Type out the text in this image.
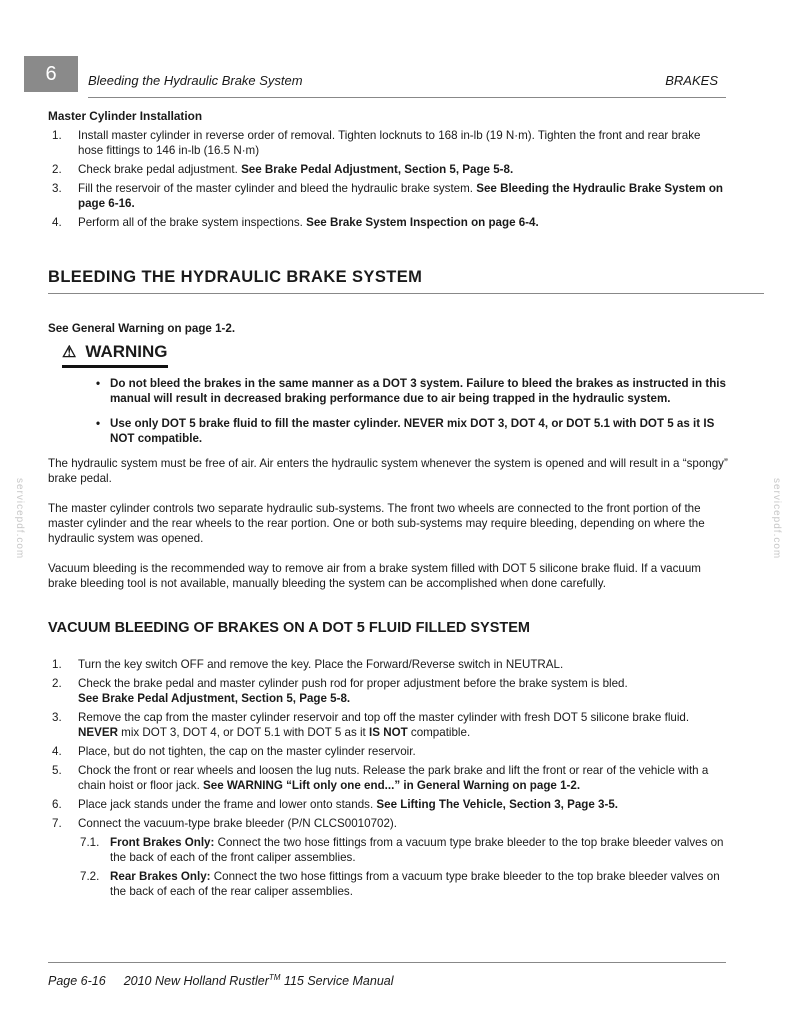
6	Bleeding the Hydraulic Brake System	BRAKES
servicepdf.com	servicepdf.com
Master Cylinder Installation
1. Install master cylinder in reverse order of removal. Tighten locknuts to 168 in-lb (19 N·m). Tighten the front and rear brake hose fittings to 146 in-lb (16.5 N·m)
2. Check brake pedal adjustment. See Brake Pedal Adjustment, Section 5, Page 5-8.
3. Fill the reservoir of the master cylinder and bleed the hydraulic brake system. See Bleeding the Hydraulic Brake System on page 6-16.
4. Perform all of the brake system inspections. See Brake System Inspection on page 6-4.
BLEEDING THE HYDRAULIC BRAKE SYSTEM
See General Warning on page 1-2.
⚠ WARNING
• Do not bleed the brakes in the same manner as a DOT 3 system. Failure to bleed the brakes as instructed in this manual will result in decreased braking performance due to air being trapped in the hydraulic system.
• Use only DOT 5 brake fluid to fill the master cylinder. NEVER mix DOT 3, DOT 4, or DOT 5.1 with DOT 5 as it IS NOT compatible.

The hydraulic system must be free of air. Air enters the hydraulic system whenever the system is opened and will result in a “spongy” brake pedal.

The master cylinder controls two separate hydraulic sub-systems. The front two wheels are connected to the front portion of the master cylinder and the rear wheels to the rear portion. One or both sub-systems may require bleeding, depending on where the hydraulic system was opened.

Vacuum bleeding is the recommended way to remove air from a brake system filled with DOT 5 silicone brake fluid. If a vacuum brake bleeding tool is not available, manually bleeding the system can be accomplished when done carefully.

VACUUM BLEEDING OF BRAKES ON A DOT 5 FLUID FILLED SYSTEM
1. Turn the key switch OFF and remove the key. Place the Forward/Reverse switch in NEUTRAL.
2. Check the brake pedal and master cylinder push rod for proper adjustment before the brake system is bled.
See Brake Pedal Adjustment, Section 5, Page 5-8.
3. Remove the cap from the master cylinder reservoir and top off the master cylinder with fresh DOT 5 silicone brake fluid. NEVER mix DOT 3, DOT 4, or DOT 5.1 with DOT 5 as it IS NOT compatible.
4. Place, but do not tighten, the cap on the master cylinder reservoir.
5. Chock the front or rear wheels and loosen the lug nuts. Release the park brake and lift the front or rear of the vehicle with a chain hoist or floor jack. See WARNING “Lift only one end...” in General Warning on page 1-2.
6. Place jack stands under the frame and lower onto stands. See Lifting The Vehicle, Section 3, Page 3-5.
7. Connect the vacuum-type brake bleeder (P/N CLCS0010702).
7.1. Front Brakes Only: Connect the two hose fittings from a vacuum type brake bleeder to the top brake bleeder valves on the back of each of the front caliper assemblies.
7.2. Rear Brakes Only: Connect the two hose fittings from a vacuum type brake bleeder to the top brake bleeder valves on the back of each of the rear caliper assemblies.
Page 6-16 2010 New Holland Rustler™ 115 Service Manual
